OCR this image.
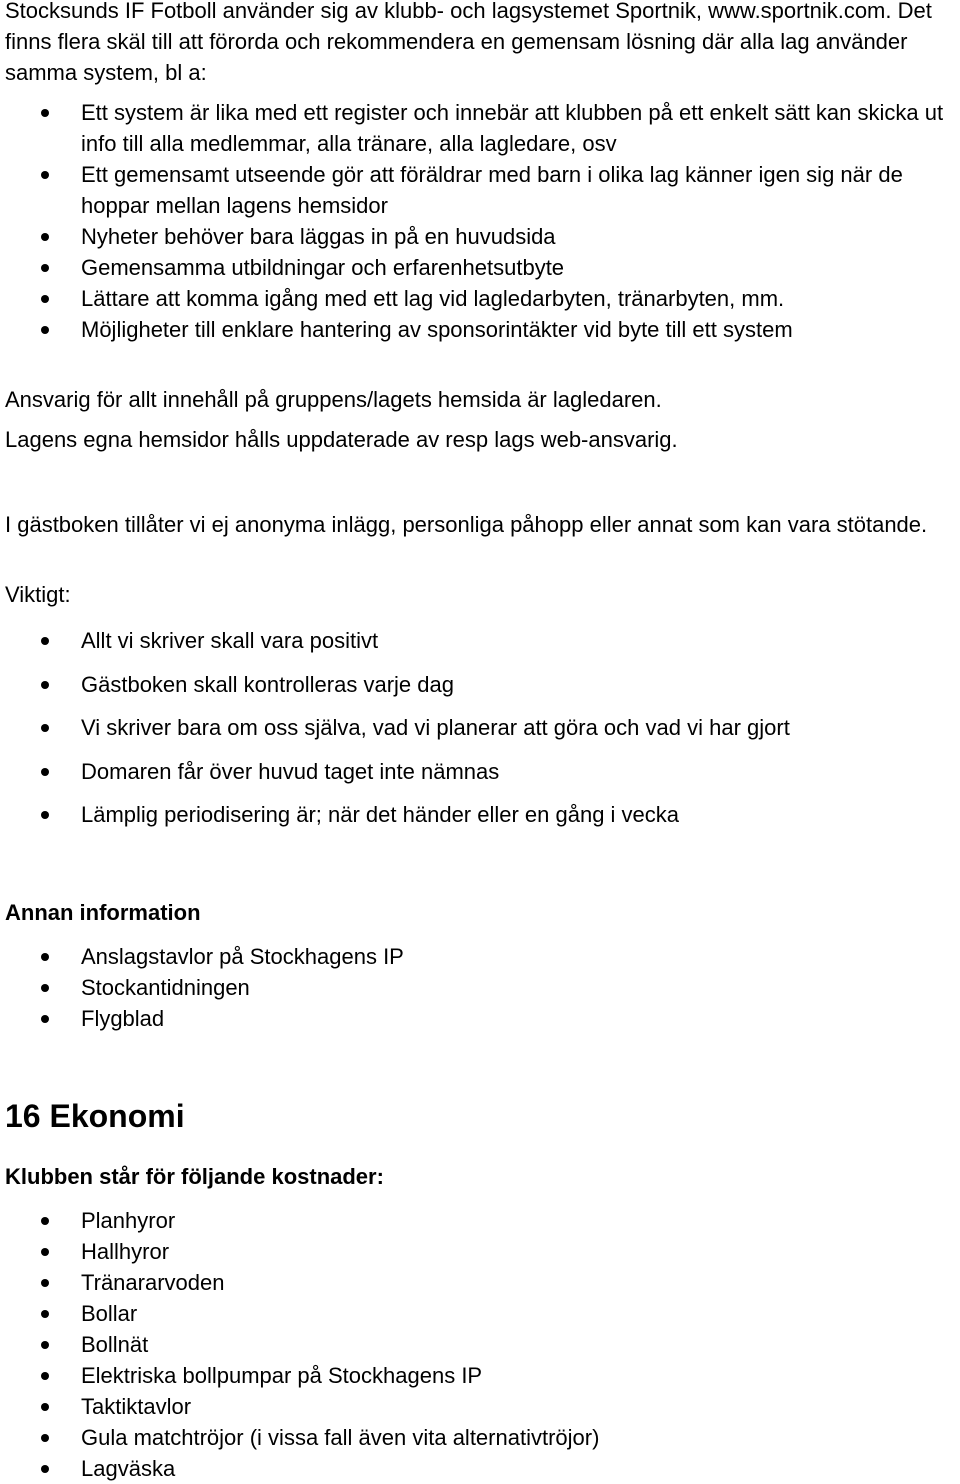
Stocksunds IF Fotboll använder sig av klubb- och lagsystemet Sportnik, www.sportnik.com. Det finns flera skäl till att förorda och rekommendera en gemensam lösning där alla lag använder samma system, bl a:

Ett system är lika med ett register och innebär att klubben på ett enkelt sätt kan skicka ut info till alla medlemmar, alla tränare, alla lagledare, osv
Ett gemensamt utseende gör att föräldrar med barn i olika lag känner igen sig när de hoppar mellan lagens hemsidor
Nyheter behöver bara läggas in på en huvudsida
Gemensamma utbildningar och erfarenhetsutbyte
Lättare att komma igång med ett lag vid lagledarbyten, tränarbyten, mm.
Möjligheter till enklare hantering av sponsorintäkter vid byte till ett system

Ansvarig för allt innehåll på gruppens/lagets hemsida är lagledaren.

Lagens egna hemsidor hålls uppdaterade av resp lags web-ansvarig.

I gästboken tillåter vi ej anonyma inlägg, personliga påhopp eller annat som kan vara stötande.

Viktigt:

Allt vi skriver skall vara positivt
Gästboken skall kontrolleras varje dag
Vi skriver bara om oss själva, vad vi planerar att göra och vad vi har gjort
Domaren får över huvud taget inte nämnas
Lämplig periodisering är; när det händer eller en gång i vecka

Annan information

Anslagstavlor på Stockhagens IP
Stockantidningen
Flygblad

16 Ekonomi

Klubben står för följande kostnader:

Planhyror
Hallhyror
Tränararvoden
Bollar
Bollnät
Elektriska bollpumpar på Stockhagens IP
Taktiktavlor
Gula matchtröjor (i vissa fall även vita alternativtröjor)
Lagväska
